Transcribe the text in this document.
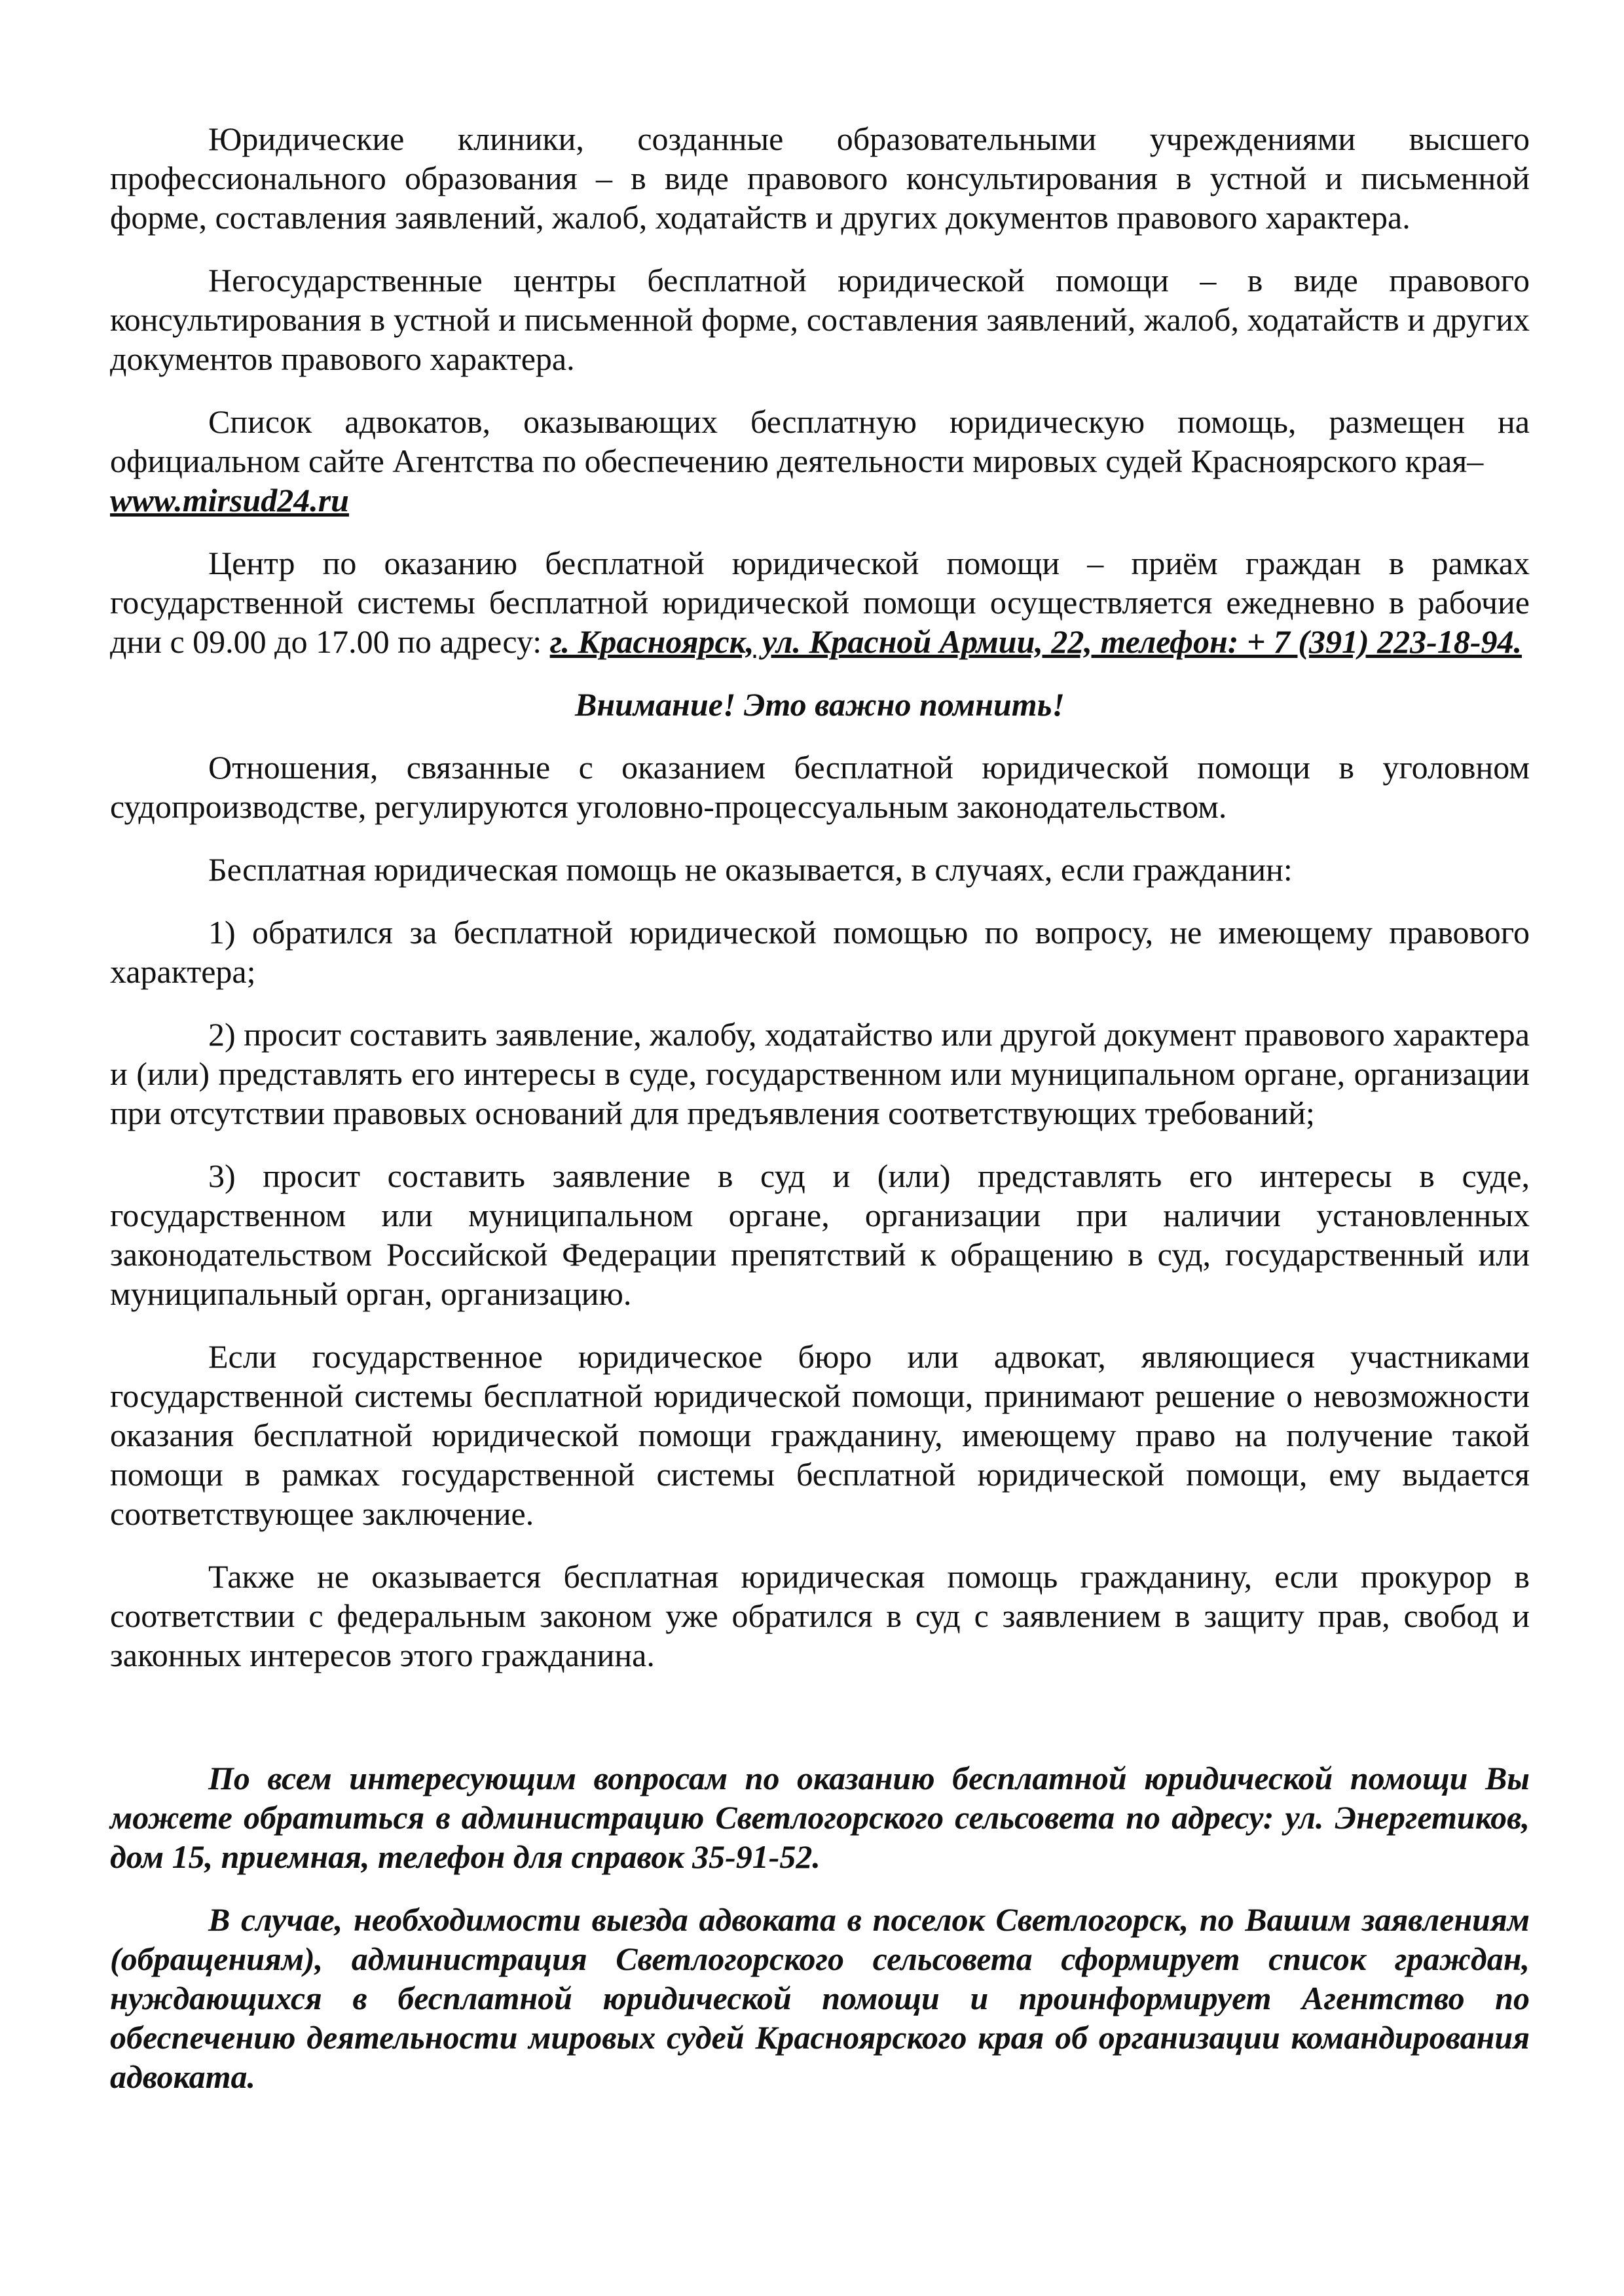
Юридические клиники, созданные образовательными учреждениями высшего профессионального образования – в виде правового консультирования в устной и письменной форме, составления заявлений, жалоб, ходатайств и других документов правового характера.

Негосударственные центры бесплатной юридической помощи – в виде правового консультирования в устной и письменной форме, составления заявлений, жалоб, ходатайств и других документов правового характера.

Список адвокатов, оказывающих бесплатную юридическую помощь, размещен на официальном сайте Агентства по обеспечению деятельности мировых судей Красноярского края–
www.mirsud24.ru

Центр по оказанию бесплатной юридической помощи – приём граждан в рамках государственной системы бесплатной юридической помощи осуществляется ежедневно в рабочие дни с 09.00 до 17.00 по адресу: г. Красноярск, ул. Красной Армии, 22, телефон: + 7 (391) 223-18-94.

Внимание! Это важно помнить!

Отношения, связанные с оказанием бесплатной юридической помощи в уголовном судопроизводстве, регулируются уголовно-процессуальным законодательством.

Бесплатная юридическая помощь не оказывается, в случаях, если гражданин:

1) обратился за бесплатной юридической помощью по вопросу, не имеющему правового характера;

2) просит составить заявление, жалобу, ходатайство или другой документ правового характера и (или) представлять его интересы в суде, государственном или муниципальном органе, организации при отсутствии правовых оснований для предъявления соответствующих требований;

3) просит составить заявление в суд и (или) представлять его интересы в суде, государственном или муниципальном органе, организации при наличии установленных законодательством Российской Федерации препятствий к обращению в суд, государственный или муниципальный орган, организацию.

Если государственное юридическое бюро или адвокат, являющиеся участниками государственной системы бесплатной юридической помощи, принимают решение о невозможности оказания бесплатной юридической помощи гражданину, имеющему право на получение такой помощи в рамках государственной системы бесплатной юридической помощи, ему выдается соответствующее заключение.

Также не оказывается бесплатная юридическая помощь гражданину, если прокурор в соответствии с федеральным законом уже обратился в суд с заявлением в защиту прав, свобод и законных интересов этого гражданина.

По всем интересующим вопросам по оказанию бесплатной юридической помощи Вы можете обратиться в администрацию Светлогорского сельсовета по адресу: ул. Энергетиков, дом 15, приемная, телефон для справок 35-91-52.

В случае, необходимости выезда адвоката в поселок Светлогорск, по Вашим заявлениям (обращениям), администрация Светлогорского сельсовета сформирует список граждан, нуждающихся в бесплатной юридической помощи и проинформирует Агентство по обеспечению деятельности мировых судей Красноярского края об организации командирования адвоката.
